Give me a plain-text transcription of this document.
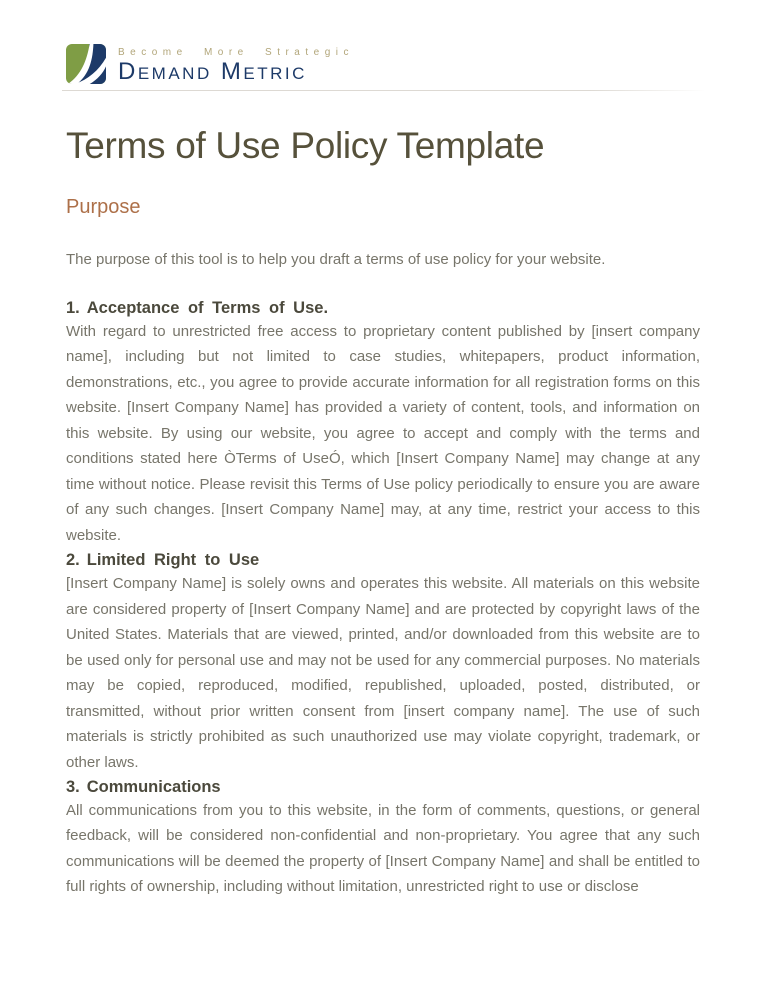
Become More Strategic
Demand Metric
Terms of Use Policy Template
Purpose

The purpose of this tool is to help you draft a terms of use policy for your website.

1. Acceptance of Terms of Use.

With regard to unrestricted free access to proprietary content published by [insert company name], including but not limited to case studies, whitepapers, product information, demonstrations, etc., you agree to provide accurate information for all registration forms on this website. [Insert Company Name] has provided a variety of content, tools, and information on this website. By using our website, you agree to accept and comply with the terms and conditions stated here ÒTerms of UseÓ, which [Insert Company Name] may change at any time without notice. Please revisit this Terms of Use policy periodically to ensure you are aware of any such changes. [Insert Company Name] may, at any time, restrict your access to this website.

2. Limited Right to Use

[Insert Company Name] is solely owns and operates this website. All materials on this website are considered property of [Insert Company Name] and are protected by copyright laws of the United States. Materials that are viewed, printed, and/or downloaded from this website are to be used only for personal use and may not be used for any commercial purposes. No materials may be copied, reproduced, modified, republished, uploaded, posted, distributed, or transmitted, without prior written consent from [insert company name]. The use of such materials is strictly prohibited as such unauthorized use may violate copyright, trademark, or other laws.

3. Communications

All communications from you to this website, in the form of comments, questions, or general feedback, will be considered non-confidential and non-proprietary. You agree that any such communications will be deemed the property of [Insert Company Name] and shall be entitled to full rights of ownership, including without limitation, unrestricted right to use or disclose
